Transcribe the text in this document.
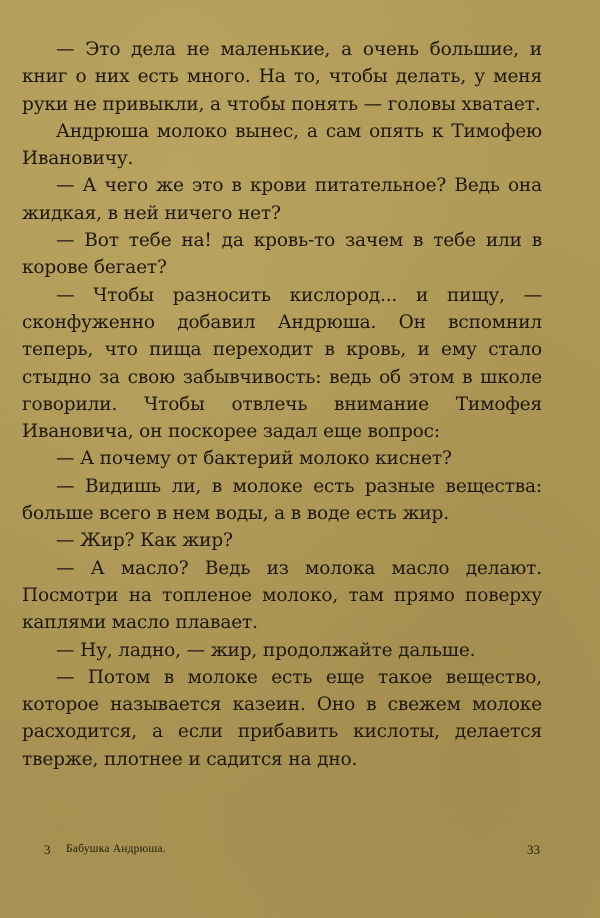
— Это дела не маленькие, а очень большие, и книг о них есть много. На то, чтобы делать, у меня руки не привыкли, а чтобы понять — головы хватает.

Андрюша молоко вынес, а сам опять к Тимофею Ивановичу.

— А чего же это в крови питательное? Ведь она жидкая, в ней ничего нет?

— Вот тебе на! да кровь-то зачем в тебе или в корове бегает?

— Чтобы разносить кислород... и пищу, — сконфуженно добавил Андрюша. Он вспомнил теперь, что пища переходит в кровь, и ему стало стыдно за свою забывчивость: ведь об этом в школе говорили. Чтобы отвлечь внимание Тимофея Ивановича, он поскорее задал еще вопрос:

— А почему от бактерий молоко киснет?

— Видишь ли, в молоке есть разные вещества: больше всего в нем воды, а в воде есть жир.

— Жир? Как жир?

— А масло? Ведь из молока масло делают. Посмотри на топленое молоко, там прямо поверху каплями масло плавает.

— Ну, ладно, — жир, продолжайте дальше.

— Потом в молоке есть еще такое вещество, которое называется казеин. Оно в свежем молоке расходится, а если прибавить кислоты, делается тверже, плотнее и садится на дно.

3 Бабушка Андрюша.	33
